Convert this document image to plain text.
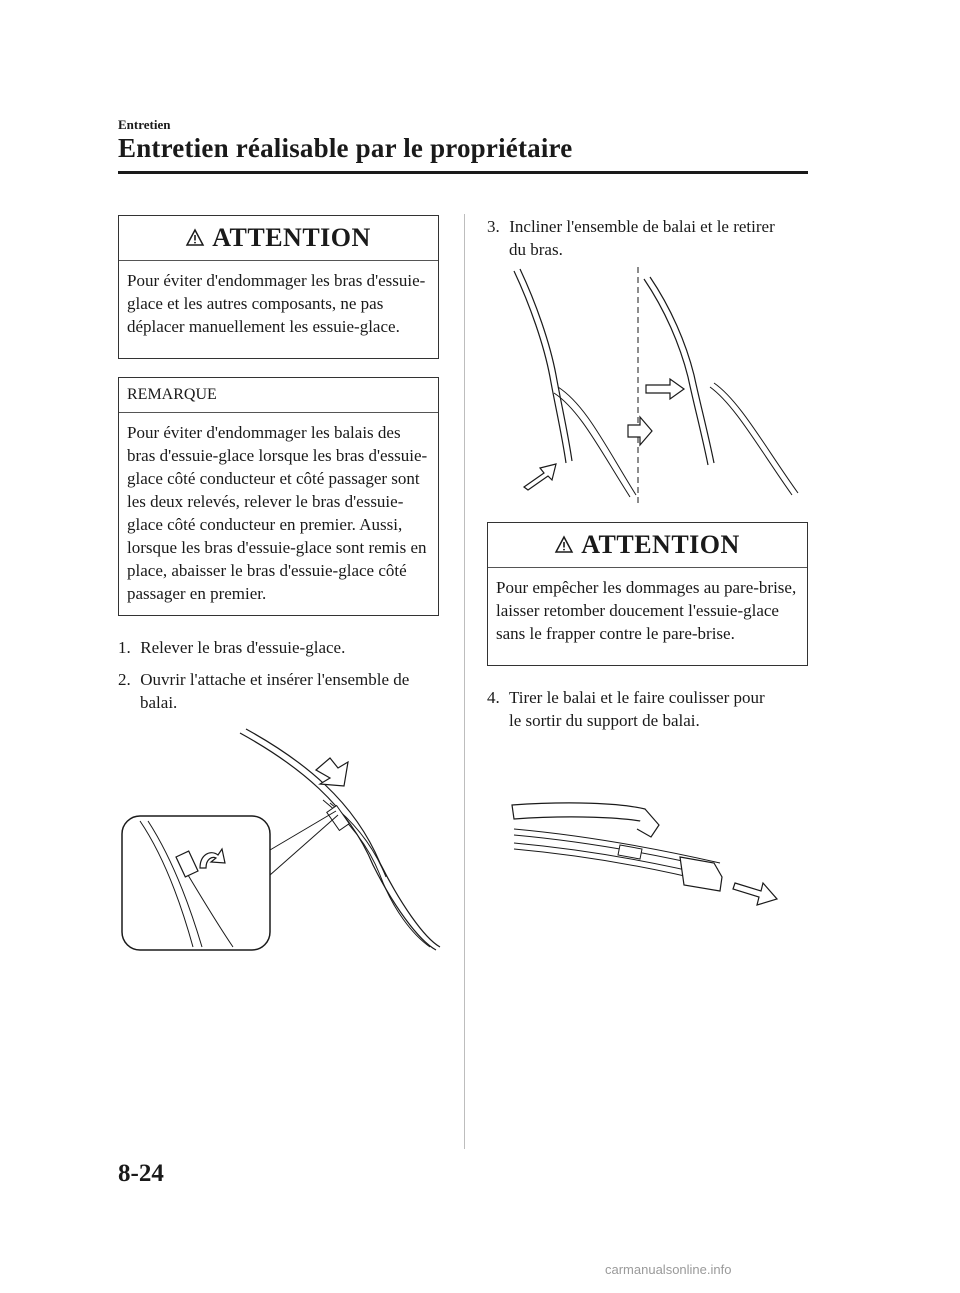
Entretien
Entretien réalisable par le propriétaire
ATTENTION
Pour éviter d'endommager les bras d'essuie-glace et les autres composants, ne pas déplacer manuellement les essuie-glace.
REMARQUE
Pour éviter d'endommager les balais des bras d'essuie-glace lorsque les bras d'essuie-glace côté conducteur et côté passager sont les deux relevés, relever le bras d'essuie-glace côté conducteur en premier. Aussi, lorsque les bras d'essuie-glace sont remis en place, abaisser le bras d'essuie-glace côté passager en premier.
1. Relever le bras d'essuie-glace.
2. Ouvrir l'attache et insérer l'ensemble de
balai.
3. Incliner l'ensemble de balai et le retirer
du bras.
ATTENTION
Pour empêcher les dommages au pare-brise, laisser retomber doucement l'essuie-glace sans le frapper contre le pare-brise.
4. Tirer le balai et le faire coulisser pour
le sortir du support de balai.
8-24
carmanualsonline.info
